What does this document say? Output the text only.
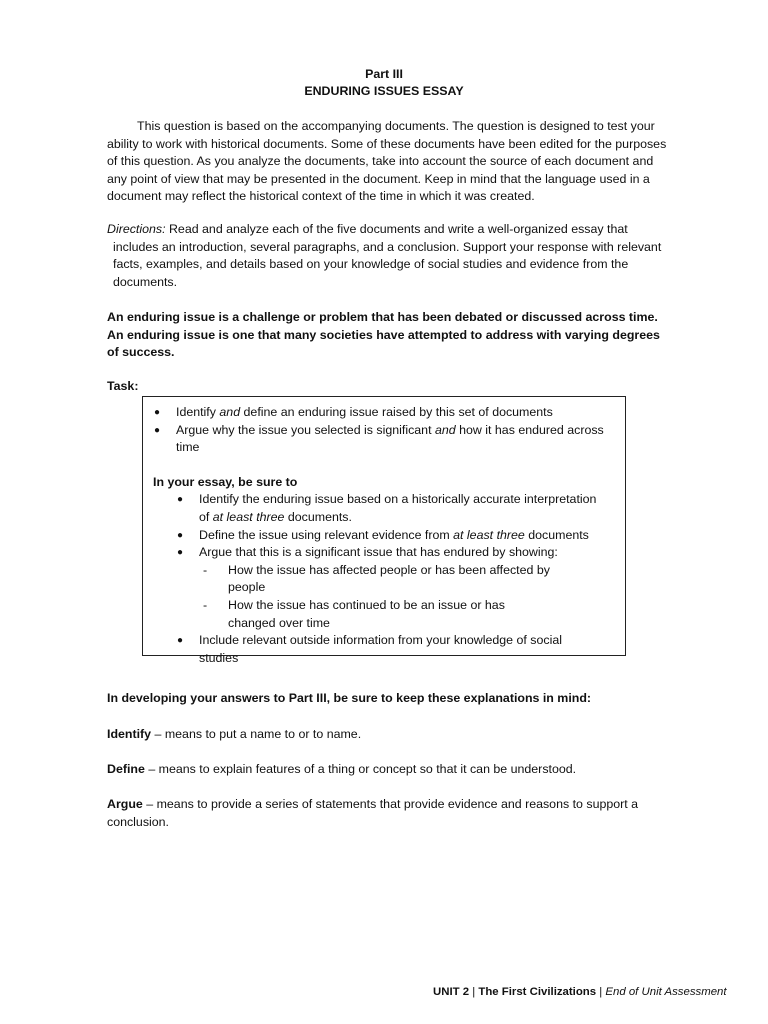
Part III

ENDURING ISSUES ESSAY

This question is based on the accompanying documents. The question is designed to test your ability to work with historical documents. Some of these documents have been edited for the purposes of this question. As you analyze the documents, take into account the source of each document and any point of view that may be presented in the document. Keep in mind that the language used in a document may reflect the historical context of the time in which it was created.

Directions: Read and analyze each of the five documents and write a well-organized essay that includes an introduction, several paragraphs, and a conclusion. Support your response with relevant facts, examples, and details based on your knowledge of social studies and evidence from the documents.

An enduring issue is a challenge or problem that has been debated or discussed across time. An enduring issue is one that many societies have attempted to address with varying degrees of success.

Task:

● Identify and define an enduring issue raised by this set of documents
● Argue why the issue you selected is significant and how it has endured across time

In your essay, be sure to

● Identify the enduring issue based on a historically accurate interpretation of at least three documents.
● Define the issue using relevant evidence from at least three documents
● Argue that this is a significant issue that has endured by showing:
- How the issue has affected people or has been affected by people
- How the issue has continued to be an issue or has changed over time
● Include relevant outside information from your knowledge of social studies

In developing your answers to Part III, be sure to keep these explanations in mind:

Identify – means to put a name to or to name.

Define – means to explain features of a thing or concept so that it can be understood.

Argue – means to provide a series of statements that provide evidence and reasons to support a conclusion.

UNIT 2 | The First Civilizations | End of Unit Assessment
